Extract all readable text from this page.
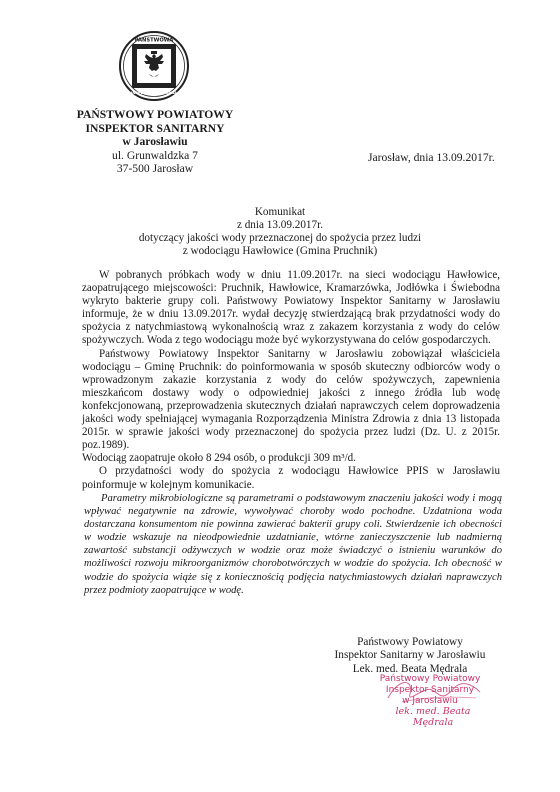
PAŃSTWOWA
INSPEKCJA SANITARNA
PAŃSTWOWY POWIATOWY
INSPEKTOR SANITARNY
w Jarosławiu
ul. Grunwaldzka 7
37-500 Jarosław
Jarosław, dnia 13.09.2017r.
Komunikat
z dnia 13.09.2017r.
dotyczący jakości wody przeznaczonej do spożycia przez ludzi
z wodociągu Hawłowice (Gmina Pruchnik)

W pobranych próbkach wody w dniu 11.09.2017r. na sieci wodociągu Hawłowice, zaopatrującego miejscowości: Pruchnik, Hawłowice, Kramarzówka, Jodłówka i Świebodna wykryto bakterie grupy coli. Państwowy Powiatowy Inspektor Sanitarny w Jarosławiu informuje, że w dniu 13.09.2017r. wydał decyzję stwierdzającą brak przydatności wody do spożycia z natychmiastową wykonalnością wraz z zakazem korzystania z wody do celów spożywczych. Woda z tego wodociągu może być wykorzystywana do celów gospodarczych.

Państwowy Powiatowy Inspektor Sanitarny w Jarosławiu zobowiązał właściciela wodociągu – Gminę Pruchnik: do poinformowania w sposób skuteczny odbiorców wody o wprowadzonym zakazie korzystania z wody do celów spożywczych, zapewnienia mieszkańcom dostawy wody o odpowiedniej jakości z innego źródła lub wodę konfekcjonowaną, przeprowadzenia skutecznych działań naprawczych celem doprowadzenia jakości wody spełniającej wymagania Rozporządzenia Ministra Zdrowia z dnia 13 listopada 2015r. w sprawie jakości wody przeznaczonej do spożycia przez ludzi (Dz. U. z 2015r. poz.1989).

Wodociąg zaopatruje około 8 294 osób, o produkcji 309 m³/d.

O przydatności wody do spożycia z wodociągu Hawłowice PPIS w Jarosławiu poinformuje w kolejnym komunikacie.

Parametry mikrobiologiczne są parametrami o podstawowym znaczeniu jakości wody i mogą wpływać negatywnie na zdrowie, wywoływać choroby wodo pochodne. Uzdatniona woda dostarczana konsumentom nie powinna zawierać bakterii grupy coli. Stwierdzenie ich obecności w wodzie wskazuje na nieodpowiednie uzdatnianie, wtórne zanieczyszczenie lub nadmierną zawartość substancji odżywczych w wodzie oraz może świadczyć o istnieniu warunków do możliwości rozwoju mikroorganizmów chorobotwórczych w wodzie do spożycia. Ich obecność w wodzie do spożycia wiąże się z koniecznością podjęcia natychmiastowych działań naprawczych przez podmioty zaopatrujące w wodę.

Państwowy Powiatowy
Inspektor Sanitarny w Jarosławiu
Lek. med. Beata Mędrala
Państwowy Powiatowy
Inspektor Sanitarny
w Jarosławiu
lek. med. Beata Mędrala
